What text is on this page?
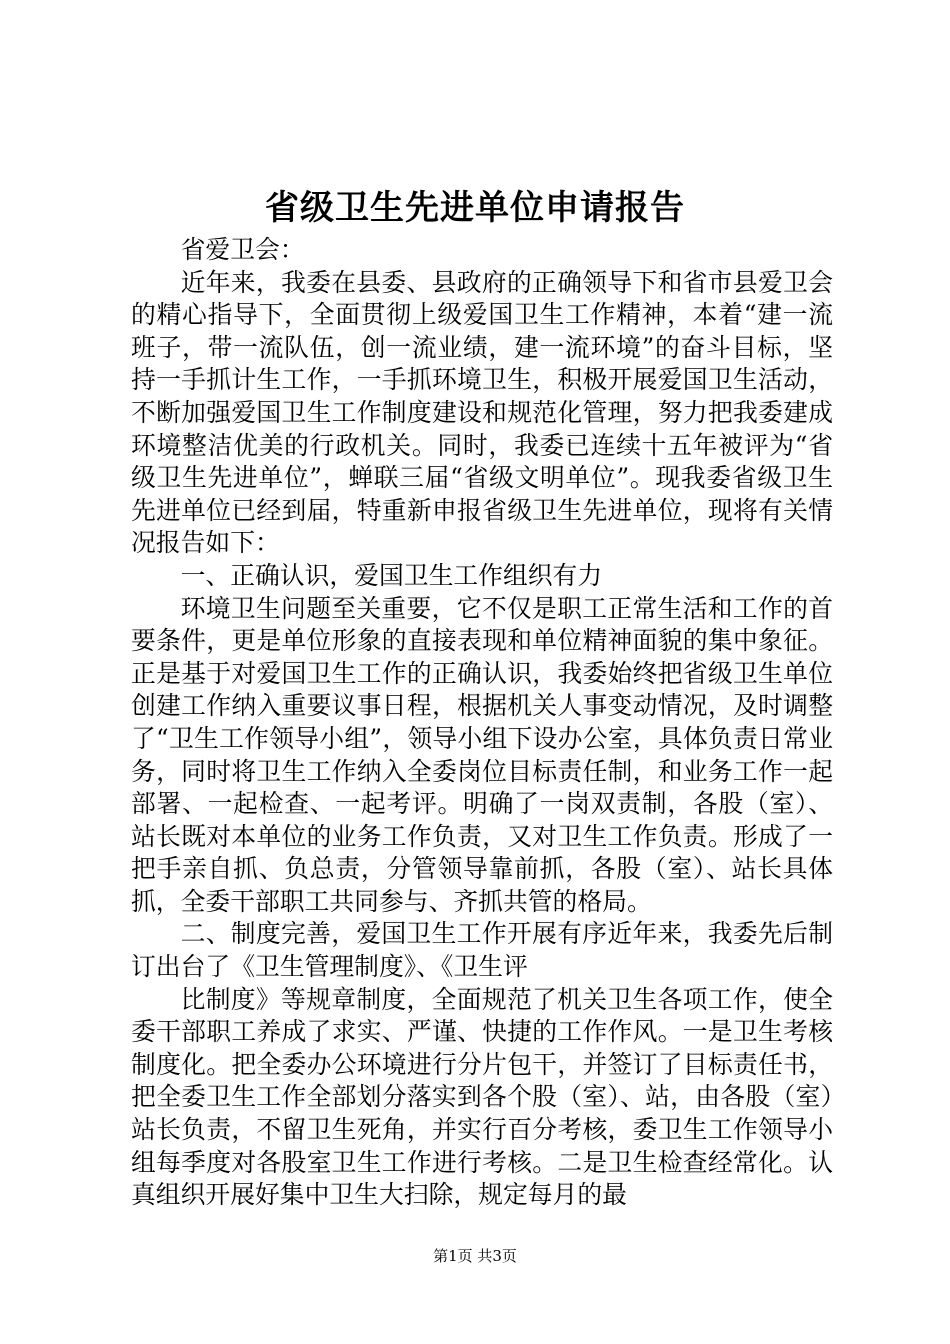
省级卫生先进单位申请报告

省爱卫会：

近年来，我委在县委、县政府的正确领导下和省市县爱卫会的精心指导下，全面贯彻上级爱国卫生工作精神，本着“建一流班子，带一流队伍，创一流业绩，建一流环境”的奋斗目标，坚持一手抓计生工作，一手抓环境卫生，积极开展爱国卫生活动，不断加强爱国卫生工作制度建设和规范化管理，努力把我委建成环境整洁优美的行政机关。同时，我委已连续十五年被评为“省级卫生先进单位”，蝉联三届“省级文明单位”。现我委省级卫生先进单位已经到届，特重新申报省级卫生先进单位，现将有关情况报告如下：

一、正确认识，爱国卫生工作组织有力

环境卫生问题至关重要，它不仅是职工正常生活和工作的首要条件，更是单位形象的直接表现和单位精神面貌的集中象征。正是基于对爱国卫生工作的正确认识，我委始终把省级卫生单位创建工作纳入重要议事日程，根据机关人事变动情况，及时调整了“卫生工作领导小组”，领导小组下设办公室，具体负责日常业务，同时将卫生工作纳入全委岗位目标责任制，和业务工作一起部署、一起检查、一起考评。明确了一岗双责制，各股（室）、站长既对本单位的业务工作负责，又对卫生工作负责。形成了一把手亲自抓、负总责，分管领导靠前抓，各股（室）、站长具体抓，全委干部职工共同参与、齐抓共管的格局。

二、制度完善，爱国卫生工作开展有序近年来，我委先后制订出台了《卫生管理制度》、《卫生评

比制度》等规章制度，全面规范了机关卫生各项工作，使全委干部职工养成了求实、严谨、快捷的工作作风。一是卫生考核制度化。把全委办公环境进行分片包干，并签订了目标责任书，把全委卫生工作全部划分落实到各个股（室）、站，由各股（室）站长负责，不留卫生死角，并实行百分考核，委卫生工作领导小组每季度对各股室卫生工作进行考核。二是卫生检查经常化。认真组织开展好集中卫生大扫除，规定每月的最

第1页 共3页
